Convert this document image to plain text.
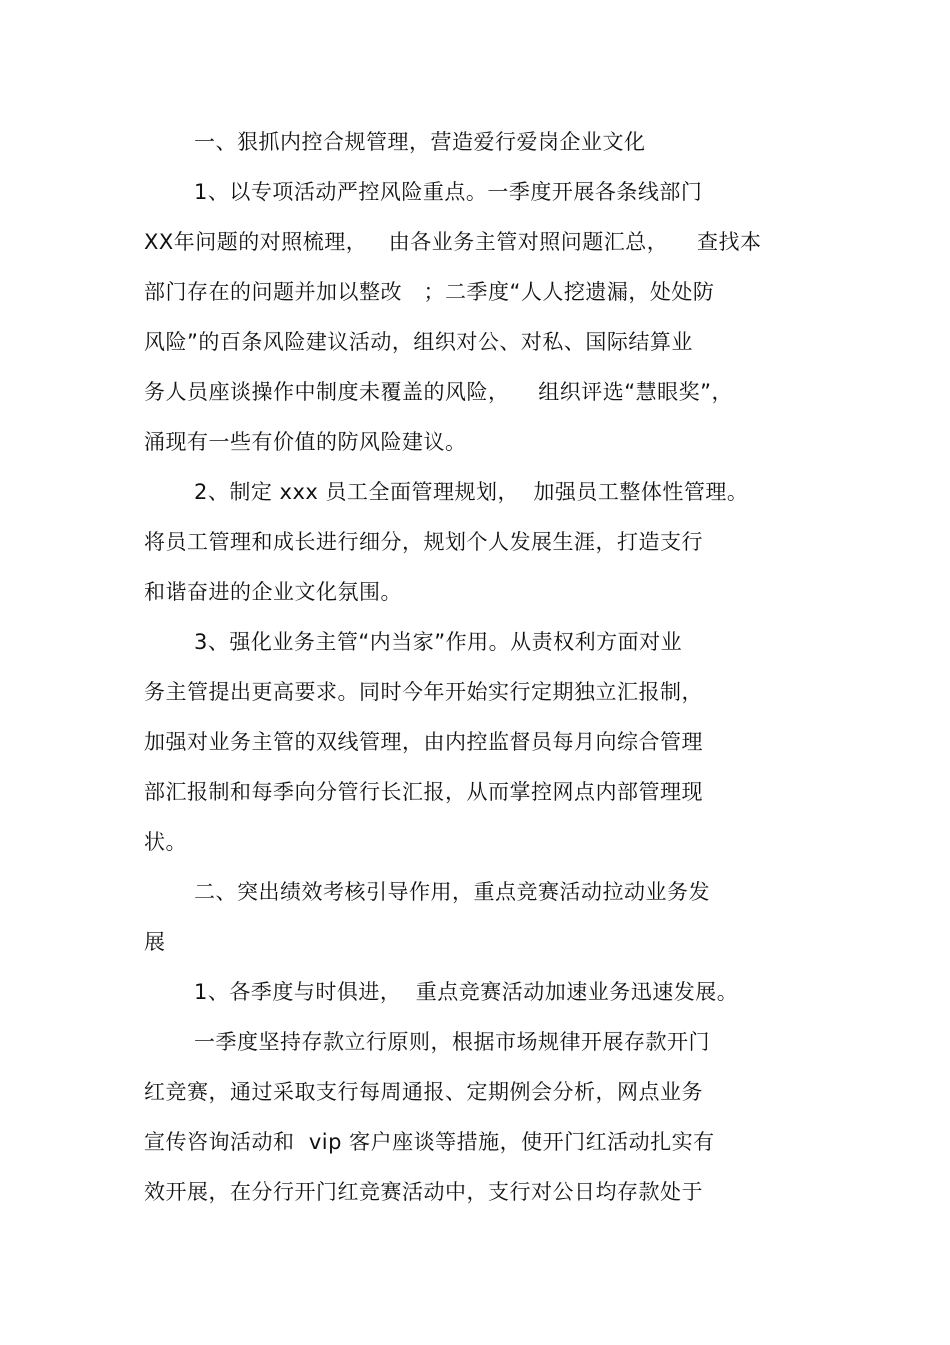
一、狠抓内控合规管理，营造爱行爱岗企业文化
1、以专项活动严控风险重点。一季度开展各条线部门
XX年问题的对照梳理，   由各业务主管对照问题汇总，    查找本
部门存在的问题并加以整改   ；二季度“人人挖遗漏，处处防
风险”的百条风险建议活动，组织对公、对私、国际结算业
务人员座谈操作中制度未覆盖的风险，    组织评选“慧眼奖”，
涌现有一些有价值的防风险建议。
2、制定 xxx 员工全面管理规划，  加强员工整体性管理。
将员工管理和成长进行细分，规划个人发展生涯，打造支行
和谐奋进的企业文化氛围。
3、强化业务主管“内当家”作用。从责权利方面对业
务主管提出更高要求。同时今年开始实行定期独立汇报制，
加强对业务主管的双线管理，由内控监督员每月向综合管理
部汇报制和每季向分管行长汇报，从而掌控网点内部管理现
状。
二、突出绩效考核引导作用，重点竞赛活动拉动业务发
展
1、各季度与时俱进，  重点竞赛活动加速业务迅速发展。
一季度坚持存款立行原则，根据市场规律开展存款开门
红竞赛，通过采取支行每周通报、定期例会分析，网点业务
宣传咨询活动和  vip 客户座谈等措施，使开门红活动扎实有
效开展，在分行开门红竞赛活动中，支行对公日均存款处于
